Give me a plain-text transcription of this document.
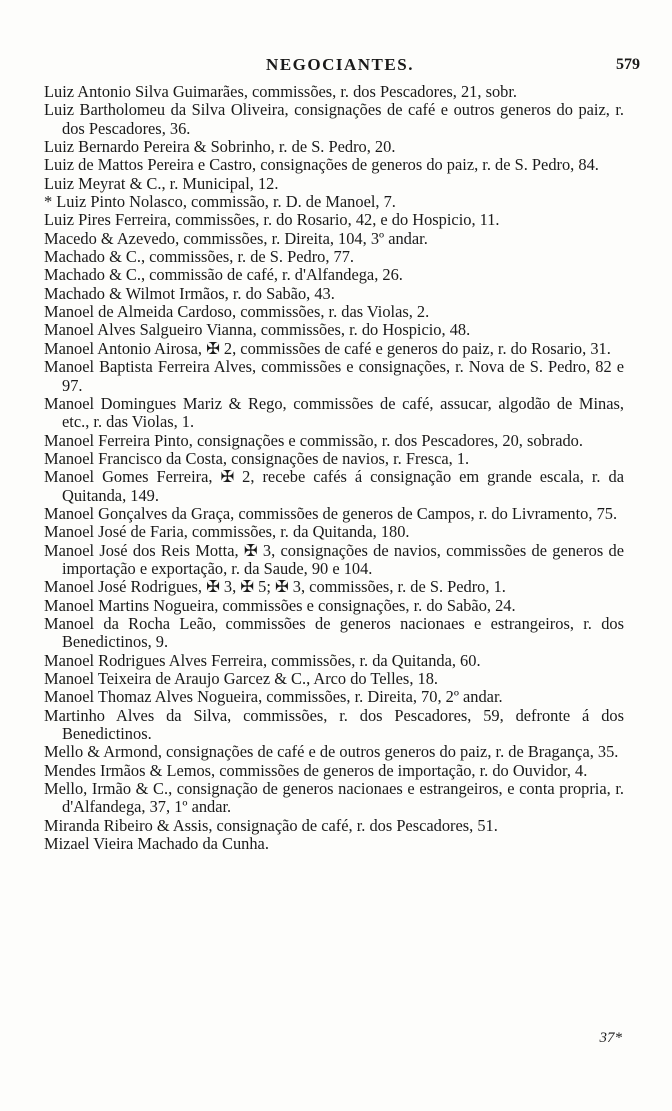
NEGOCIANTES.	579
Luiz Antonio Silva Guimarães, commissões, r. dos Pescadores, 21, sobr.
Luiz Bartholomeu da Silva Oliveira, consignações de café e outros generos do paiz, r. dos Pescadores, 36.
Luiz Bernardo Pereira & Sobrinho, r. de S. Pedro, 20.
Luiz de Mattos Pereira e Castro, consignações de generos do paiz, r. de S. Pedro, 84.
Luiz Meyrat & C., r. Municipal, 12.
* Luiz Pinto Nolasco, commissão, r. D. de Manoel, 7.
Luiz Pires Ferreira, commissões, r. do Rosario, 42, e do Hospicio, 11.
Macedo & Azevedo, commissões, r. Direita, 104, 3º andar.
Machado & C., commissões, r. de S. Pedro, 77.
Machado & C., commissão de café, r. d'Alfandega, 26.
Machado & Wilmot Irmãos, r. do Sabão, 43.
Manoel de Almeida Cardoso, commissões, r. das Violas, 2.
Manoel Alves Salgueiro Vianna, commissões, r. do Hospicio, 48.
Manoel Antonio Airosa, ✠ 2, commissões de café e generos do paiz, r. do Rosario, 31.
Manoel Baptista Ferreira Alves, commissões e consignações, r. Nova de S. Pedro, 82 e 97.
Manoel Domingues Mariz & Rego, commissões de café, assucar, algodão de Minas, etc., r. das Violas, 1.
Manoel Ferreira Pinto, consignações e commissão, r. dos Pescadores, 20, sobrado.
Manoel Francisco da Costa, consignações de navios, r. Fresca, 1.
Manoel Gomes Ferreira, ✠ 2, recebe cafés á consignação em grande escala, r. da Quitanda, 149.
Manoel Gonçalves da Graça, commissões de generos de Campos, r. do Livramento, 75.
Manoel José de Faria, commissões, r. da Quitanda, 180.
Manoel José dos Reis Motta, ✠ 3, consignações de navios, commissões de generos de importação e exportação, r. da Saude, 90 e 104.
Manoel José Rodrigues, ✠ 3, ✠ 5; ✠ 3, commissões, r. de S. Pedro, 1.
Manoel Martins Nogueira, commissões e consignações, r. do Sabão, 24.
Manoel da Rocha Leão, commissões de generos nacionaes e estrangeiros, r. dos Benedictinos, 9.
Manoel Rodrigues Alves Ferreira, commissões, r. da Quitanda, 60.
Manoel Teixeira de Araujo Garcez & C., Arco do Telles, 18.
Manoel Thomaz Alves Nogueira, commissões, r. Direita, 70, 2º andar.
Martinho Alves da Silva, commissões, r. dos Pescadores, 59, defronte á dos Benedictinos.
Mello & Armond, consignações de café e de outros generos do paiz, r. de Bragança, 35.
Mendes Irmãos & Lemos, commissões de generos de importação, r. do Ouvidor, 4.
Mello, Irmão & C., consignação de generos nacionaes e estrangeiros, e conta propria, r. d'Alfandega, 37, 1º andar.
Miranda Ribeiro & Assis, consignação de café, r. dos Pescadores, 51.
Mizael Vieira Machado da Cunha.
37*
